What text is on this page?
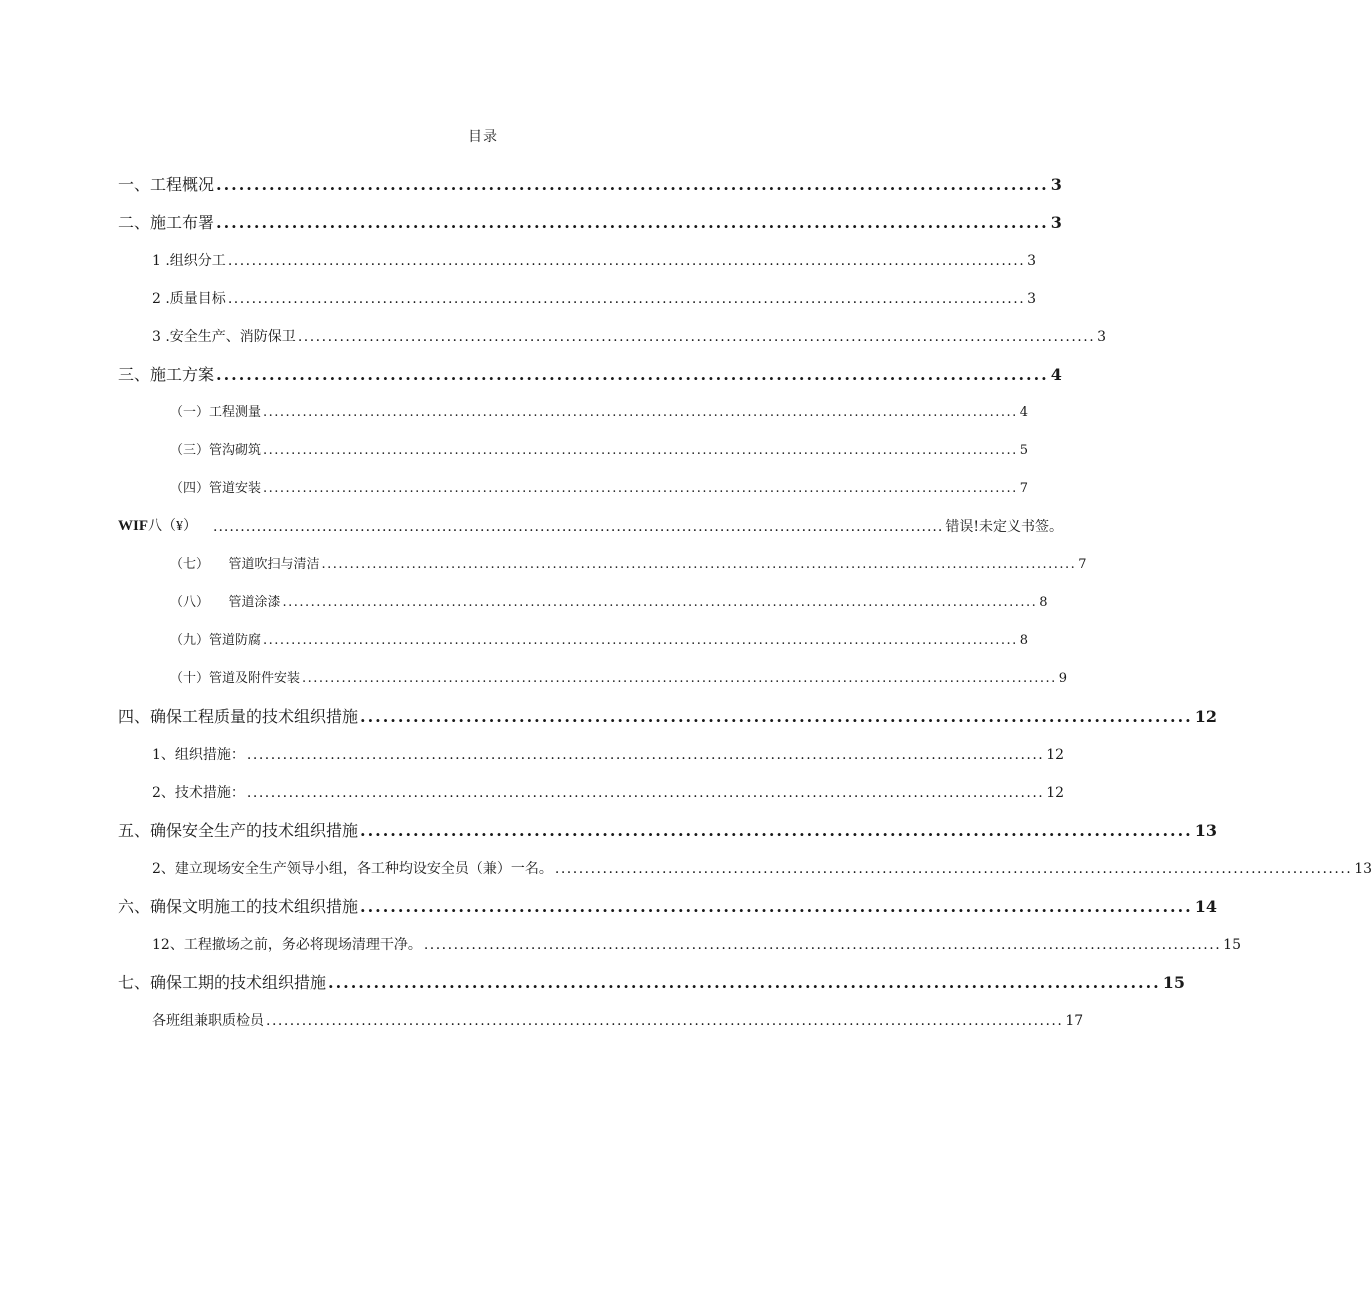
目录
一、工程概况 .............................................................................................................. 3
二、施工布署 .............................................................................................................. 3
1 .组织分工 ...................................................................................................................................... 3
2 .质量目标 ...................................................................................................................................... 3
3 .安全生产、消防保卫 ...................................................................................................................................... 3
三、施工方案 .............................................................................................................. 4
（一）工程测量 ...................................................................................................................................... 4
（三）管沟砌筑 ...................................................................................................................................... 5
（四）管道安装 ...................................................................................................................................... 7
WIF八（¥） ...................................................................................................................................... 错误!未定义书签。
（七）　　管道吹扫与清洁 ...................................................................................................................................... 7
（八）　　管道涂漆 ...................................................................................................................................... 8
（九）管道防腐 ...................................................................................................................................... 8
（十）管道及附件安装 ...................................................................................................................................... 9
四、确保工程质量的技术组织措施 .............................................................................................................. 12
1、组织措施： ...................................................................................................................................... 12
2、技术措施： ...................................................................................................................................... 12
五、确保安全生产的技术组织措施 .............................................................................................................. 13
2、建立现场安全生产领导小组，各工种均设安全员（兼）一名。 ...................................................................................................................................... 13
六、确保文明施工的技术组织措施 .............................................................................................................. 14
12、工程撤场之前，务必将现场清理干净。 ...................................................................................................................................... 15
七、确保工期的技术组织措施 .............................................................................................................. 15
各班组兼职质检员 ...................................................................................................................................... 17
